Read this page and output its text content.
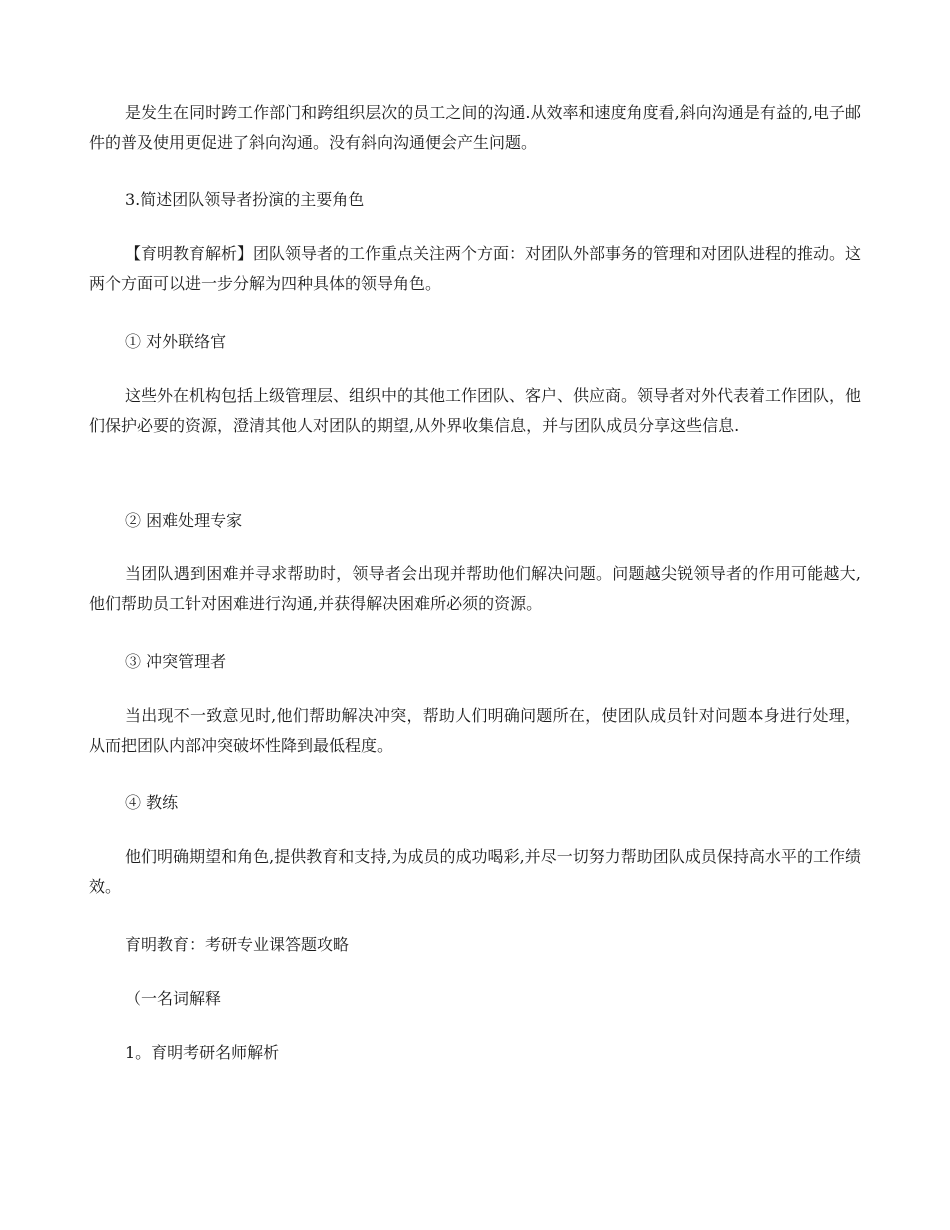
是发生在同时跨工作部门和跨组织层次的员工之间的沟通.从效率和速度角度看,斜向沟通是有益的,电子邮件的普及使用更促进了斜向沟通。没有斜向沟通便会产生问题。

3.简述团队领导者扮演的主要角色

【育明教育解析】团队领导者的工作重点关注两个方面：对团队外部事务的管理和对团队进程的推动。这两个方面可以进一步分解为四种具体的领导角色。

① 对外联络官

这些外在机构包括上级管理层、组织中的其他工作团队、客户、供应商。领导者对外代表着工作团队，他们保护必要的资源，澄清其他人对团队的期望,从外界收集信息，并与团队成员分享这些信息.

② 困难处理专家

当团队遇到困难并寻求帮助时，领导者会出现并帮助他们解决问题。问题越尖锐领导者的作用可能越大,他们帮助员工针对困难进行沟通,并获得解决困难所必须的资源。

③ 冲突管理者

当出现不一致意见时,他们帮助解决冲突，帮助人们明确问题所在，使团队成员针对问题本身进行处理，从而把团队内部冲突破坏性降到最低程度。

④ 教练

他们明确期望和角色,提供教育和支持,为成员的成功喝彩,并尽一切努力帮助团队成员保持高水平的工作绩效。

育明教育：考研专业课答题攻略

（一名词解释

1。育明考研名师解析
